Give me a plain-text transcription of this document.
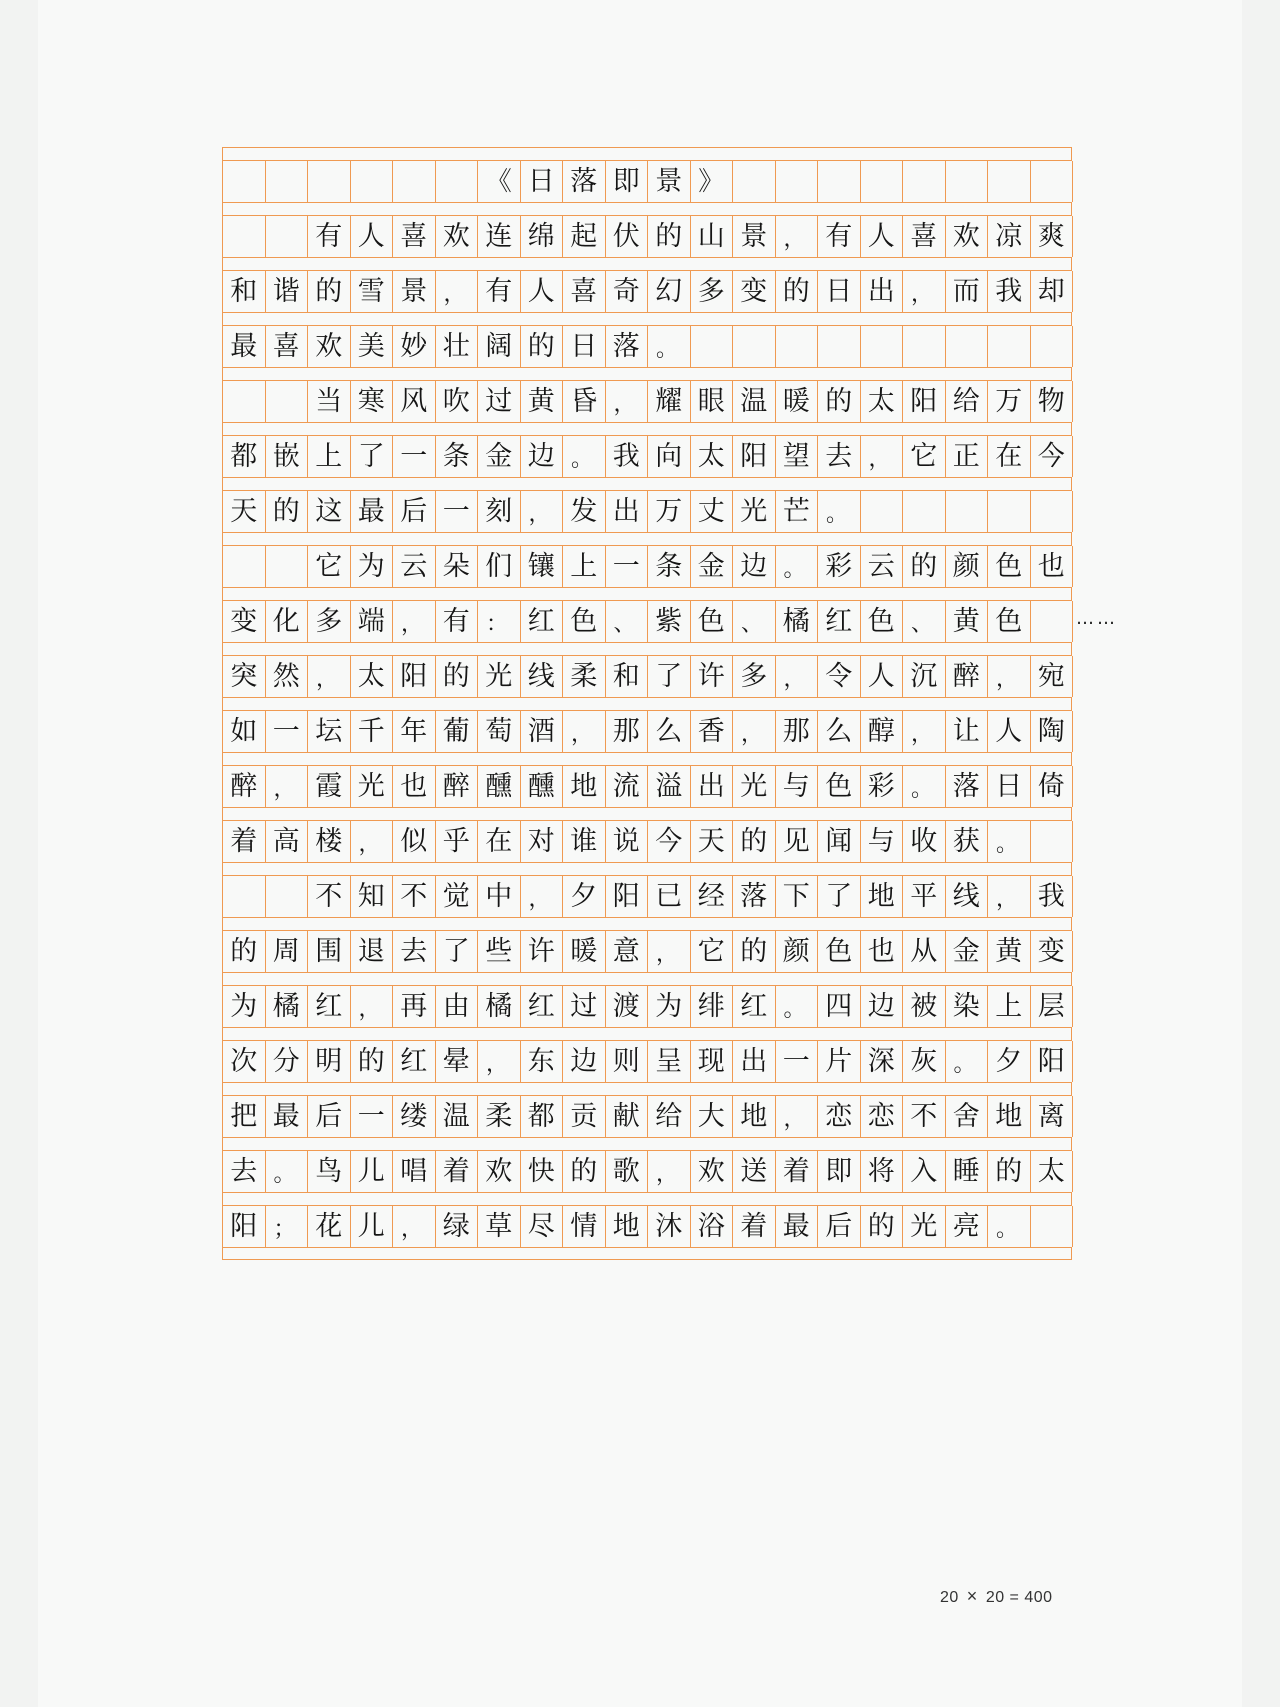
《 日 落 即 景 》
有 人 喜 欢 连 绵 起 伏 的 山 景 ， 有 人 喜 欢 凉 爽
和 谐 的 雪 景 ， 有 人 喜 奇 幻 多 变 的 日 出 ， 而 我 却
最 喜 欢 美 妙 壮 阔 的 日 落 。
当 寒 风 吹 过 黄 昏 ， 耀 眼 温 暖 的 太 阳 给 万 物
都 嵌 上 了 一 条 金 边 。 我 向 太 阳 望 去 ， 它 正 在 今
天 的 这 最 后 一 刻 ， 发 出 万 丈 光 芒 。
它 为 云 朵 们 镶 上 一 条 金 边 。 彩 云 的 颜 色 也
变 化 多 端 ， 有 ： 红 色 、 紫 色 、 橘 红 色 、 黄 色
突 然 ， 太 阳 的 光 线 柔 和 了 许 多 ， 令 人 沉 醉 ， 宛
如 一 坛 千 年 葡 萄 酒 ， 那 么 香 ， 那 么 醇 ， 让 人 陶
醉 ， 霞 光 也 醉 醺 醺 地 流 溢 出 光 与 色 彩 。 落 日 倚
着 高 楼 ， 似 乎 在 对 谁 说 今 天 的 见 闻 与 收 获 。
不 知 不 觉 中 ， 夕 阳 已 经 落 下 了 地 平 线 ， 我
的 周 围 退 去 了 些 许 暖 意 ， 它 的 颜 色 也 从 金 黄 变
为 橘 红 ， 再 由 橘 红 过 渡 为 绯 红 。 四 边 被 染 上 层
次 分 明 的 红 晕 ， 东 边 则 呈 现 出 一 片 深 灰 。 夕 阳
把 最 后 一 缕 温 柔 都 贡 献 给 大 地 ， 恋 恋 不 舍 地 离
去 。 鸟 儿 唱 着 欢 快 的 歌 ， 欢 送 着 即 将 入 睡 的 太
阳 ； 花 儿 ， 绿 草 尽 情 地 沐 浴 着 最 后 的 光 亮 。
……
20 × 20 = 400
